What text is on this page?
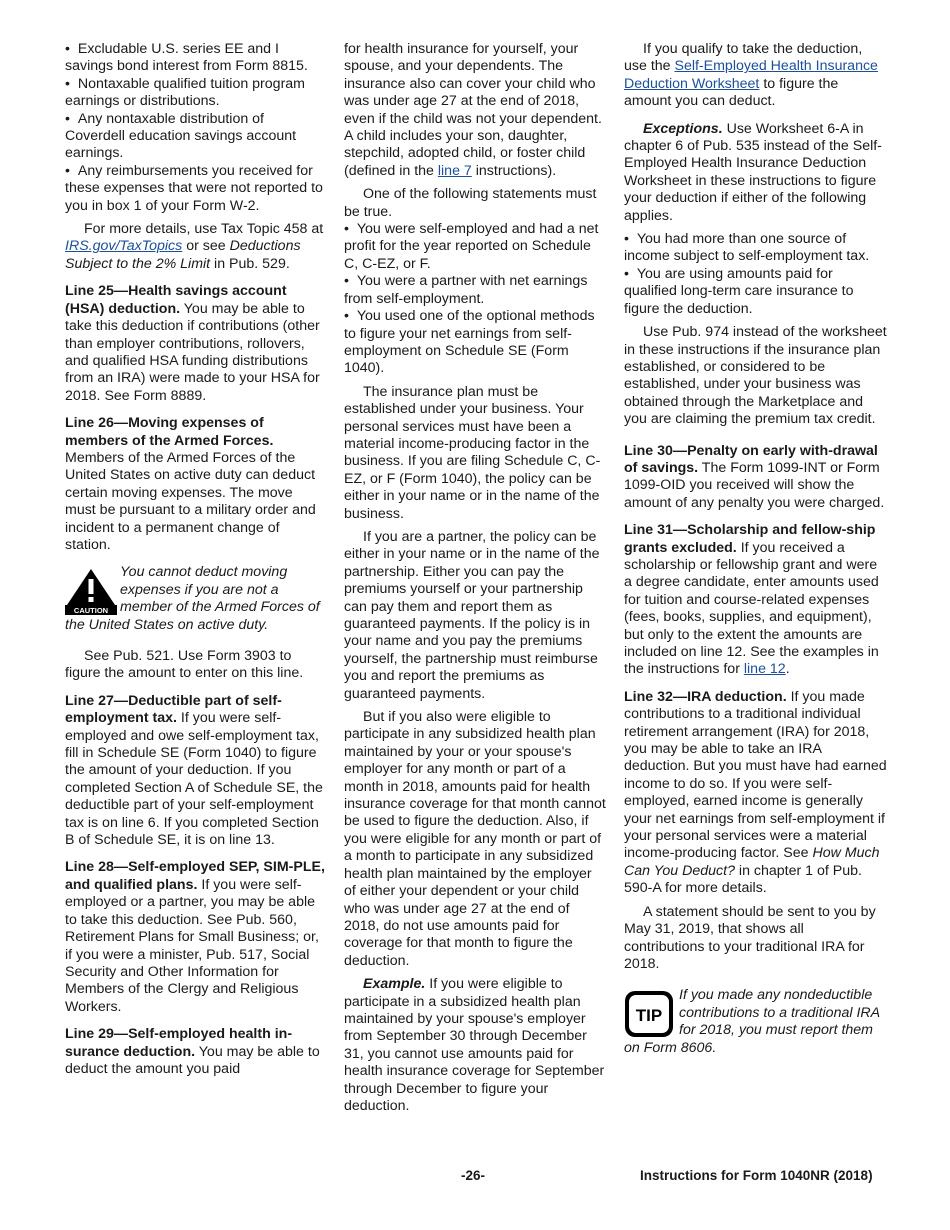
•  Excludable U.S. series EE and I savings bond interest from Form 8815.

•  Nontaxable qualified tuition program earnings or distributions.

•  Any nontaxable distribution of Coverdell education savings account earnings.

•  Any reimbursements you received for these expenses that were not reported to you in box 1 of your Form W-2.

For more details, use Tax Topic 458 at IRS.gov/TaxTopics or see Deductions Subject to the 2% Limit in Pub. 529.

Line 25—Health savings account (HSA) deduction. You may be able to take this deduction if contributions (other than employer contributions, rollovers, and qualified HSA funding distributions from an IRA) were made to your HSA for 2018. See Form 8889.

Line 26—Moving expenses of members of the Armed Forces. Members of the Armed Forces of the United States on active duty can deduct certain moving expenses. The move must be pursuant to a military order and incident to a permanent change of station.

CAUTION
You cannot deduct moving expenses if you are not a member of the Armed Forces of the United States on active duty.

See Pub. 521. Use Form 3903 to figure the amount to enter on this line.

Line 27—Deductible part of self-employment tax. If you were self-employed and owe self-employment tax, fill in Schedule SE (Form 1040) to figure the amount of your deduction. If you completed Section A of Schedule SE, the deductible part of your self-employment tax is on line 6. If you completed Section B of Schedule SE, it is on line 13.

Line 28—Self-employed SEP, SIM-PLE, and qualified plans. If you were self-employed or a partner, you may be able to take this deduction. See Pub. 560, Retirement Plans for Small Business; or, if you were a minister, Pub. 517, Social Security and Other Information for Members of the Clergy and Religious Workers.

Line 29—Self-employed health in-surance deduction. You may be able to deduct the amount you paid

for health insurance for yourself, your spouse, and your dependents. The insurance also can cover your child who was under age 27 at the end of 2018, even if the child was not your dependent. A child includes your son, daughter, stepchild, adopted child, or foster child (defined in the line 7 instructions).

One of the following statements must be true.

•  You were self-employed and had a net profit for the year reported on Schedule C, C-EZ, or F.

•  You were a partner with net earnings from self-employment.

•  You used one of the optional methods to figure your net earnings from self-employment on Schedule SE (Form 1040).

The insurance plan must be established under your business. Your personal services must have been a material income-producing factor in the business. If you are filing Schedule C, C-EZ, or F (Form 1040), the policy can be either in your name or in the name of the business.

If you are a partner, the policy can be either in your name or in the name of the partnership. Either you can pay the premiums yourself or your partnership can pay them and report them as guaranteed payments. If the policy is in your name and you pay the premiums yourself, the partnership must reimburse you and report the premiums as guaranteed payments.

But if you also were eligible to participate in any subsidized health plan maintained by your or your spouse's employer for any month or part of a month in 2018, amounts paid for health insurance coverage for that month cannot be used to figure the deduction. Also, if you were eligible for any month or part of a month to participate in any subsidized health plan maintained by the employer of either your dependent or your child who was under age 27 at the end of 2018, do not use amounts paid for coverage for that month to figure the deduction.

Example. If you were eligible to participate in a subsidized health plan maintained by your spouse's employer from September 30 through December 31, you cannot use amounts paid for health insurance coverage for September through December to figure your deduction.

If you qualify to take the deduction, use the Self-Employed Health Insurance Deduction Worksheet to figure the amount you can deduct.

Exceptions. Use Worksheet 6-A in chapter 6 of Pub. 535 instead of the Self-Employed Health Insurance Deduction Worksheet in these instructions to figure your deduction if either of the following applies.

•  You had more than one source of income subject to self-employment tax.

•  You are using amounts paid for qualified long-term care insurance to figure the deduction.

Use Pub. 974 instead of the worksheet in these instructions if the insurance plan established, or considered to be established, under your business was obtained through the Marketplace and you are claiming the premium tax credit.

Line 30—Penalty on early with-drawal of savings. The Form 1099-INT or Form 1099-OID you received will show the amount of any penalty you were charged.

Line 31—Scholarship and fellow-ship grants excluded. If you received a scholarship or fellowship grant and were a degree candidate, enter amounts used for tuition and course-related expenses (fees, books, supplies, and equipment), but only to the extent the amounts are included on line 12. See the examples in the instructions for line 12.

Line 32—IRA deduction. If you made contributions to a traditional individual retirement arrangement (IRA) for 2018, you may be able to take an IRA deduction. But you must have had earned income to do so. If you were self-employed, earned income is generally your net earnings from self-employment if your personal services were a material income-producing factor. See How Much Can You Deduct? in chapter 1 of Pub. 590-A for more details.

A statement should be sent to you by May 31, 2019, that shows all contributions to your traditional IRA for 2018.

TIP
If you made any nondeductible contributions to a traditional IRA for 2018, you must report them on Form 8606.
-26-	Instructions for Form 1040NR (2018)
